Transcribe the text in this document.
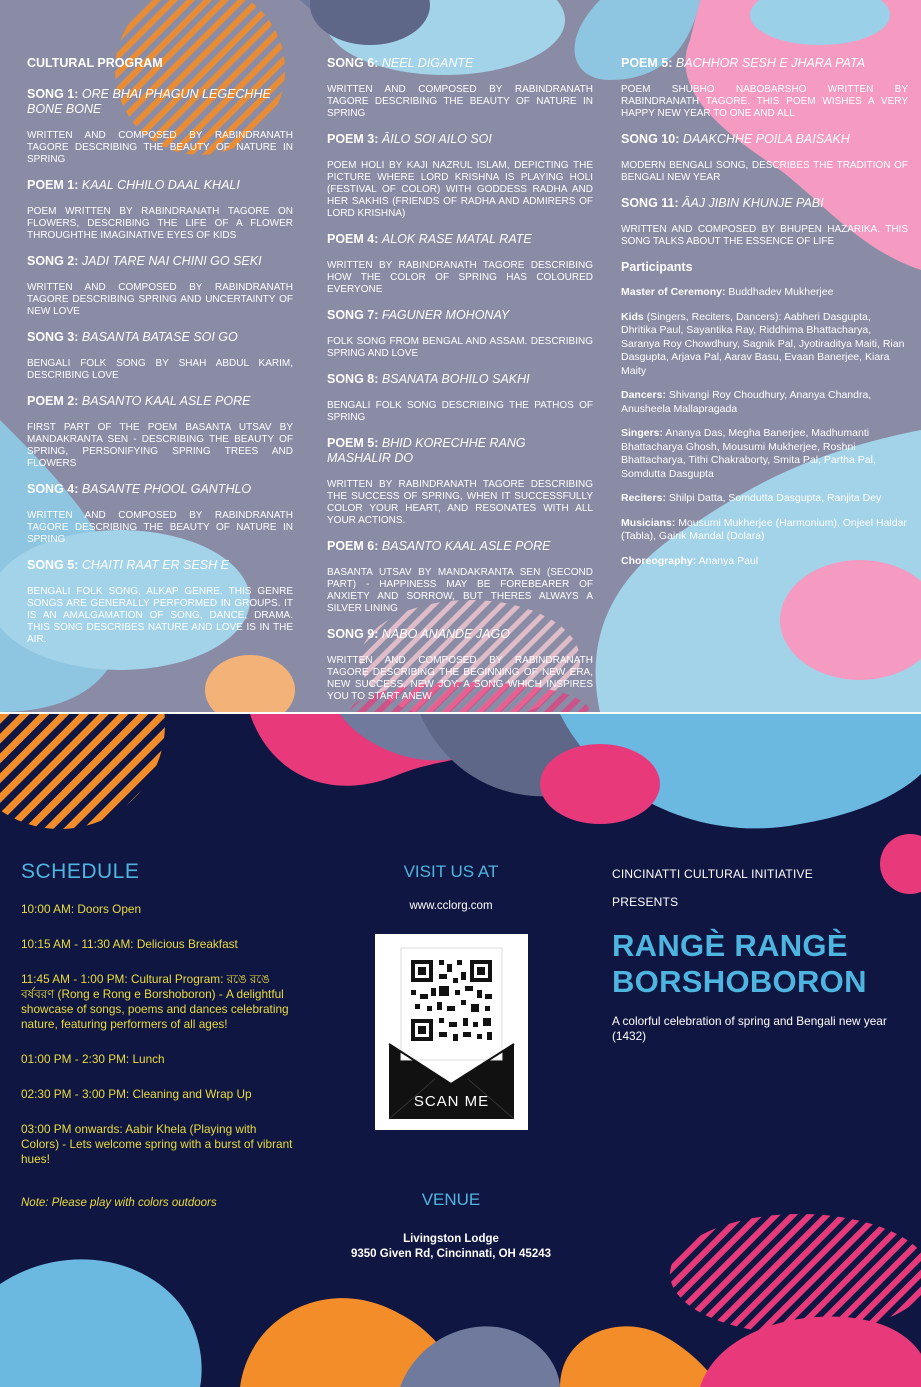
CULTURAL PROGRAM
SONG 1: ORE BHAI PHAGUN LEGECHHE BONE BONE
WRITTEN AND COMPOSED BY RABINDRANATH TAGORE DESCRIBING THE BEAUTY OF NATURE IN SPRING
POEM 1: KAAL CHHILO DAAL KHALI
POEM WRITTEN BY RABINDRANATH TAGORE ON FLOWERS, DESCRIBING THE LIFE OF A FLOWER THROUGHTHE IMAGINATIVE EYES OF KIDS
SONG 2: JADI TARE NAI CHINI GO SEKI
WRITTEN AND COMPOSED BY RABINDRANATH TAGORE DESCRIBING SPRING AND UNCERTAINTY OF NEW LOVE
SONG 3: BASANTA BATASE SOI GO
BENGALI FOLK SONG BY SHAH ABDUL KARIM, DESCRIBING LOVE
POEM 2: BASANTO KAAL ASLE PORE
FIRST PART OF THE POEM BASANTA UTSAV BY MANDAKRANTA SEN - DESCRIBING THE BEAUTY OF SPRING, PERSONIFYING SPRING TREES AND FLOWERS
SONG 4: BASANTE PHOOL GANTHLO
WRITTEN AND COMPOSED BY RABINDRANATH TAGORE DESCRIBING THE BEAUTY OF NATURE IN SPRING
SONG 5: CHAITI RAAT ER SESH E
BENGALI FOLK SONG, ALKAP GENRE. THIS GENRE SONGS ARE GENERALLY PERFORMED IN GROUPS. IT IS AN AMALGAMATION OF SONG, DANCE, DRAMA. THIS SONG DESCRIBES NATURE AND LOVE IS IN THE AIR.
SONG 6: NEEL DIGANTE
WRITTEN AND COMPOSED BY RABINDRANATH TAGORE DESCRIBING THE BEAUTY OF NATURE IN SPRING
POEM 3: ĀILO SOI AILO SOI
POEM HOLI BY KAJI NAZRUL ISLAM, DEPICTING THE PICTURE WHERE LORD KRISHNA IS PLAYING HOLI (FESTIVAL OF COLOR) WITH GODDESS RADHA AND HER SAKHIS (FRIENDS OF RADHA AND ADMIRERS OF LORD KRISHNA)
POEM 4: ALOK RASE MATAL RATE
WRITTEN BY RABINDRANATH TAGORE DESCRIBING HOW THE COLOR OF SPRING HAS COLOURED EVERYONE
SONG 7: FAGUNER MOHONAY
FOLK SONG FROM BENGAL AND ASSAM. DESCRIBING SPRING AND LOVE
SONG 8: BSANATA BOHILO SAKHI
BENGALI FOLK SONG DESCRIBING THE PATHOS OF SPRING
POEM 5: BHID KORECHHE RANG MASHALIR DO
WRITTEN BY RABINDRANATH TAGORE DESCRIBING THE SUCCESS OF SPRING, WHEN IT SUCCESSFULLY COLOR YOUR HEART, AND RESONATES WITH ALL YOUR ACTIONS.
POEM 6: BASANTO KAAL ASLE PORE
BASANTA UTSAV BY MANDAKRANTA SEN (SECOND PART) - HAPPINESS MAY BE FOREBEARER OF ANXIETY AND SORROW, BUT THERES ALWAYS A SILVER LINING
SONG 9: NABO ANANDE JAGO
WRITTEN AND COMPOSED BY RABINDRANATH TAGORE DESCRIBING THE BEGINNING OF NEW ERA, NEW SUCCESS, NEW JOY. A SONG WHICH INSPIRES YOU TO START ANEW
POEM 5: BACHHOR SESH E JHARA PATA
POEM SHUBHO NABOBARSHO WRITTEN BY RABINDRANATH TAGORE. THIS POEM WISHES A VERY HAPPY NEW YEAR TO ONE AND ALL
SONG 10: DAAKCHHE POILA BAISAKH
MODERN BENGALI SONG, DESCRIBES THE TRADITION OF BENGALI NEW YEAR
SONG 11: ĀAJ JIBIN KHUNJE PABI
WRITTEN AND COMPOSED BY BHUPEN HAZARIKA. THIS SONG TALKS ABOUT THE ESSENCE OF LIFE
Participants
Master of Ceremony: Buddhadev Mukherjee
Kids (Singers, Reciters, Dancers): Aabheri Dasgupta, Dhritika Paul, Sayantika Ray, Riddhima Bhattacharya, Saranya Roy Chowdhury, Sagnik Pal, Jyotiraditya Maiti, Rian Dasgupta, Arjava Pal, Aarav Basu, Evaan Banerjee, Kiara Maity
Dancers: Shivangi Roy Choudhury, Ananya Chandra, Anusheela Mallapragada
Singers: Ananya Das, Megha Banerjee, Madhumanti Bhattacharya Ghosh, Mousumi Mukherjee, Roshni Bhattacharya, Tithi Chakraborty, Smita Pal, Partha Pal, Somdutta Dasgupta
Reciters: Shilpi Datta, Somdutta Dasgupta, Ranjita Dey
Musicians: Mousumi Mukherjee (Harmonium), Onjeel Haldar (Tabla), Gairik Mandal (Dolara)
Choreography: Ananya Paul
SCHEDULE
10:00 AM: Doors Open
10:15 AM - 11:30 AM: Delicious Breakfast
11:45 AM - 1:00 PM: Cultural Program: রঙে রঙে বর্ষবরণ (Rong e Rong e Borshoboron) - A delightful showcase of songs, poems and dances celebrating nature, featuring performers of all ages!
01:00 PM - 2:30 PM: Lunch
02:30 PM - 3:00 PM: Cleaning and Wrap Up
03:00 PM onwards: Aabir Khela (Playing with Colors) - Lets welcome spring with a burst of vibrant hues!
Note: Please play with colors outdoors
VISIT US AT
www.cclorg.com
SCAN ME
VENUE
Livingston Lodge
9350 Given Rd, Cincinnati, OH 45243
CINCINATTI CULTURAL INITIATIVE
PRESENTS
RANGÈ RANGÈ
BORSHOBORON
A colorful celebration of spring and Bengali new year (1432)
